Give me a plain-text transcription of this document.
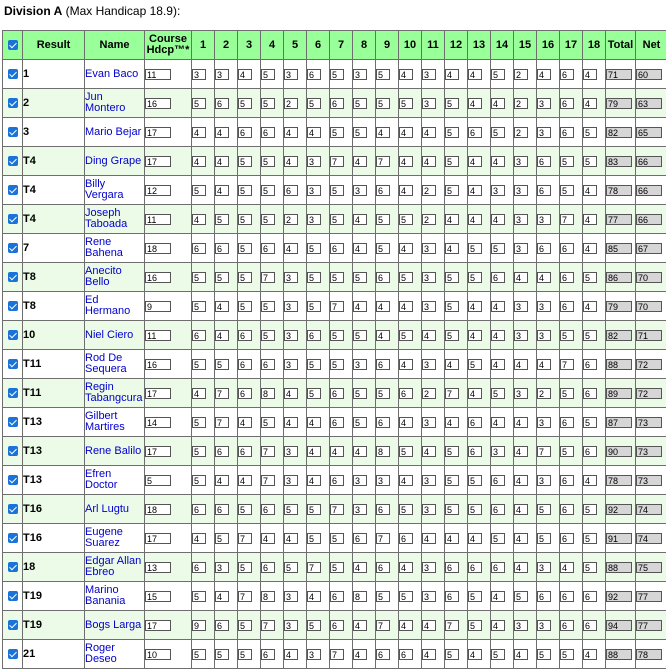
Division A (Max Handicap 18.9):
	Result	Name	Course
Hdcp™*	1	2	3	4	5	6	7	8	9	10	11	12	13	14	15	16	17	18	Total	Net
	1	Evan Baco	11	3	3	4	5	3	6	5	3	5	4	3	4	4	5	2	4	6	4	71	60
	2	Jun
Montero	16	5	6	5	5	2	5	6	5	5	5	3	5	4	4	2	3	6	4	79	63
	3	Mario Bejar	17	4	4	6	6	4	4	5	5	4	4	4	5	6	5	2	3	6	5	82	65
	T4	Ding Grape	17	4	4	5	5	4	3	7	4	7	4	4	5	4	4	3	6	5	5	83	66
	T4	Billy
Vergara	12	5	4	5	5	6	3	5	3	6	4	2	5	4	3	3	6	5	4	78	66
	T4	Joseph
Taboada	11	4	5	5	5	2	3	5	4	5	5	2	4	4	4	3	3	7	4	77	66
	7	Rene
Bahena	18	6	6	5	6	4	5	6	4	5	4	3	4	5	5	3	6	6	4	85	67
	T8	Anecito
Bello	16	5	5	5	7	3	5	5	5	6	5	3	5	5	6	4	4	6	5	86	70
	T8	Ed
Hermano	9	5	4	5	5	3	5	7	4	4	4	3	5	4	4	3	3	6	4	79	70
	10	Niel Ciero	11	6	4	6	5	3	6	5	5	4	5	4	5	4	4	3	3	5	5	82	71
	T11	Rod De
Sequera	16	5	5	6	6	3	5	5	3	6	4	3	4	5	4	4	4	7	6	88	72
	T11	Regin
Tabangcura	17	4	7	6	8	4	5	6	5	5	6	2	7	4	5	3	2	5	6	89	72
	T13	Gilbert
Martires	14	5	7	4	5	4	4	6	5	6	4	3	4	6	4	4	3	6	5	87	73
	T13	Rene Balilo	17	5	6	6	7	3	4	4	4	8	5	4	5	6	3	4	7	5	6	90	73
	T13	Efren
Doctor	5	5	4	4	7	3	4	6	3	3	4	3	5	5	6	4	3	6	4	78	73
	T16	Arl Lugtu	18	6	6	5	6	5	5	7	3	6	5	3	5	5	6	4	5	6	5	92	74
	T16	Eugene
Suarez	17	4	5	7	4	4	5	5	6	7	6	4	4	4	5	4	5	6	5	91	74
	18	Edgar Allan
Ebreo	13	6	3	5	6	5	7	5	4	6	4	3	6	6	6	4	3	4	5	88	75
	T19	Marino
Banania	15	5	4	7	8	3	4	6	8	5	5	3	6	5	4	5	6	6	6	92	77
	T19	Bogs Larga	17	9	6	5	7	3	5	6	4	7	4	4	7	5	4	3	3	6	6	94	77
	21	Roger
Deseo	10	5	5	5	6	4	3	7	4	6	6	4	5	4	5	4	5	5	4	88	78
